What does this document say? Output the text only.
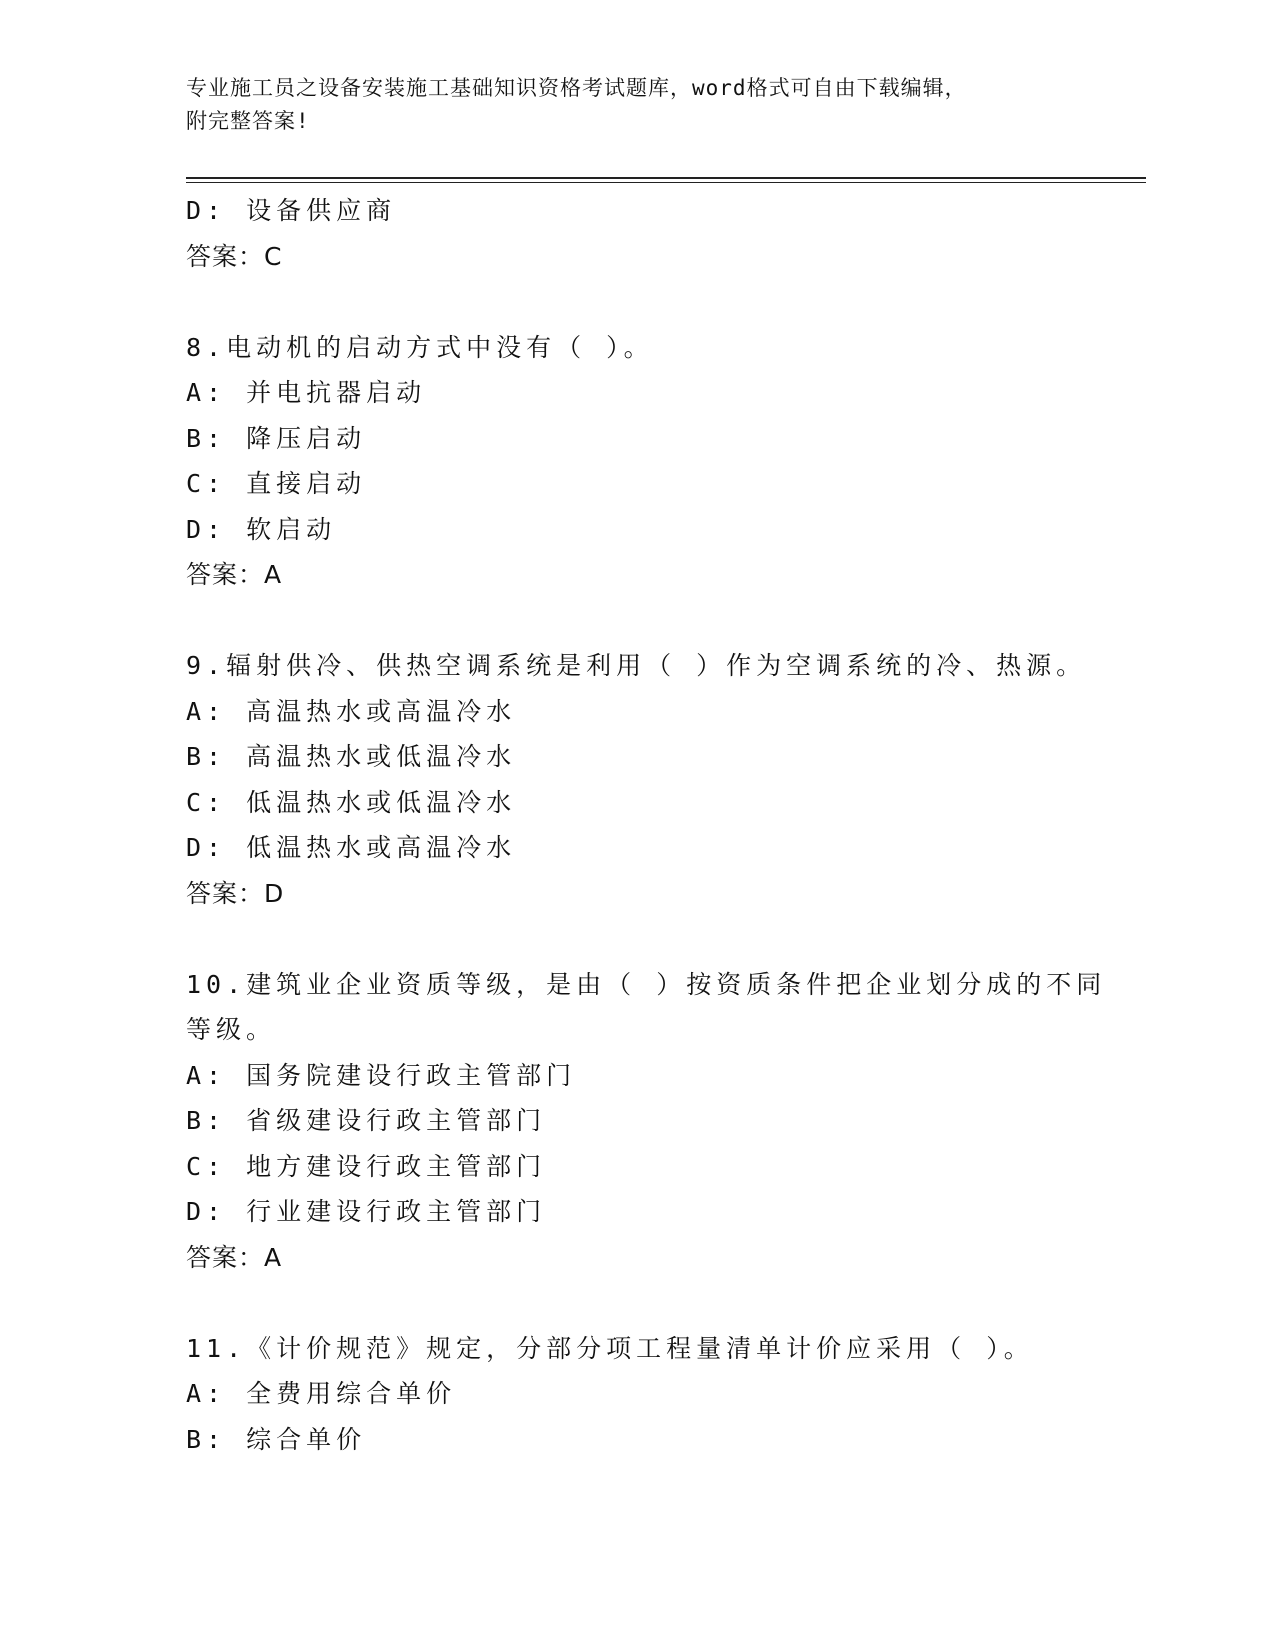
专业施工员之设备安装施工基础知识资格考试题库，word格式可自由下载编辑，
附完整答案!
D: 设备供应商
答案：C
8.电动机的启动方式中没有（ ）。
A: 并电抗器启动
B: 降压启动
C: 直接启动
D: 软启动
答案：A
9.辐射供冷、供热空调系统是利用（ ）作为空调系统的冷、热源。
A: 高温热水或高温冷水
B: 高温热水或低温冷水
C: 低温热水或低温冷水
D: 低温热水或高温冷水
答案：D
10.建筑业企业资质等级，是由（ ）按资质条件把企业划分成的不同
等级。
A: 国务院建设行政主管部门
B: 省级建设行政主管部门
C: 地方建设行政主管部门
D: 行业建设行政主管部门
答案：A
11.《计价规范》规定，分部分项工程量清单计价应采用（ ）。
A: 全费用综合单价
B: 综合单价
